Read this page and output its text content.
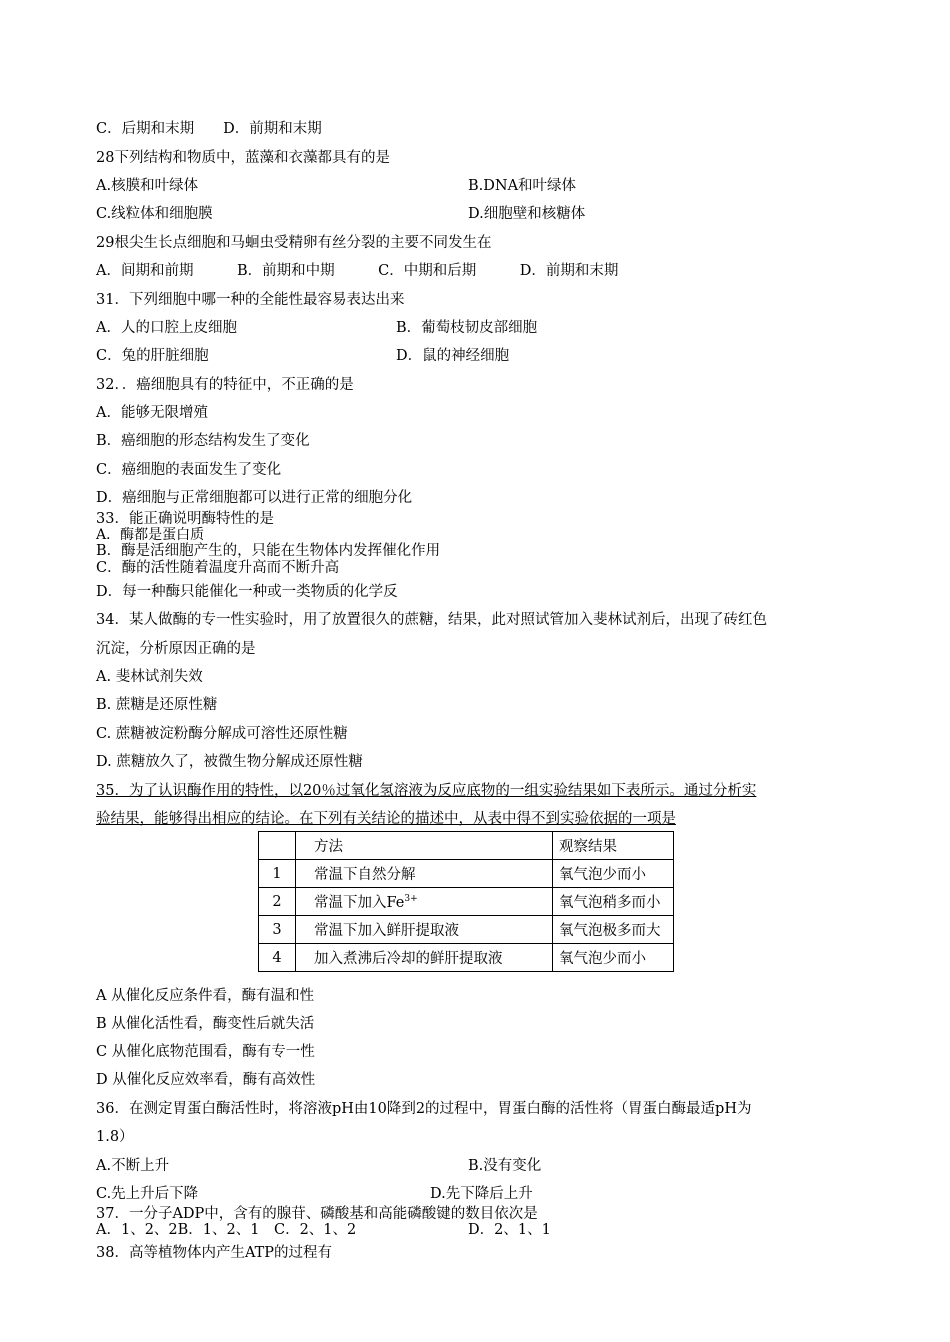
C．后期和末期　　D．前期和末期
28下列结构和物质中，蓝藻和衣藻都具有的是
A.核膜和叶绿体	B.DNA和叶绿体
C.线粒体和细胞膜	D.细胞壁和核糖体
29根尖生长点细胞和马蛔虫受精卵有丝分裂的主要不同发生在
A．间期和前期　　　B．前期和中期　　　C．中期和后期　　　D．前期和末期
31．下列细胞中哪一种的全能性最容易表达出来
A．人的口腔上皮细胞	B．葡萄枝韧皮部细胞
C．兔的肝脏细胞	D．鼠的神经细胞
32．．癌细胞具有的特征中，不正确的是
A．能够无限增殖
B．癌细胞的形态结构发生了变化
C．癌细胞的表面发生了变化
D．癌细胞与正常细胞都可以进行正常的细胞分化
33．能正确说明酶特性的是
A．酶都是蛋白质
B．酶是活细胞产生的，只能在生物体内发挥催化作用
C．酶的活性随着温度升高而不断升高
D．每一种酶只能催化一种或一类物质的化学反
34．某人做酶的专一性实验时，用了放置很久的蔗糖，结果，此对照试管加入斐林试剂后，出现了砖红色
沉淀，分析原因正确的是
A. 斐林试剂失效
B. 蔗糖是还原性糖
C. 蔗糖被淀粉酶分解成可溶性还原性糖
D. 蔗糖放久了，被微生物分解成还原性糖
35．为了认识酶作用的特性，以20％过氧化氢溶液为反应底物的一组实验结果如下表所示。通过分析实
验结果，能够得出相应的结论。在下列有关结论的描述中，从表中得不到实验依据的一项是
	方法	观察结果
1	常温下自然分解	氧气泡少而小
2	常温下加入$Fe^{3+}$	氧气泡稍多而小
3	常温下加入鲜肝提取液	氧气泡极多而大
4	加入煮沸后冷却的鲜肝提取液	氧气泡少而小
A 从催化反应条件看，酶有温和性
B 从催化活性看，酶变性后就失活
C 从催化底物范围看，酶有专一性
D 从催化反应效率看，酶有高效性
36．在测定胃蛋白酶活性时，将溶液pH由10降到2的过程中，胃蛋白酶的活性将（胃蛋白酶最适pH为
1.8）
A.不断上升	B.没有变化
C.先上升后下降	D.先下降后上升
37．一分子ADP中，含有的腺苷、磷酸基和高能磷酸键的数目依次是
A．1、2、2B．1、2、1　C．2、1、2	D．2、1、1
38．高等植物体内产生ATP的过程有
